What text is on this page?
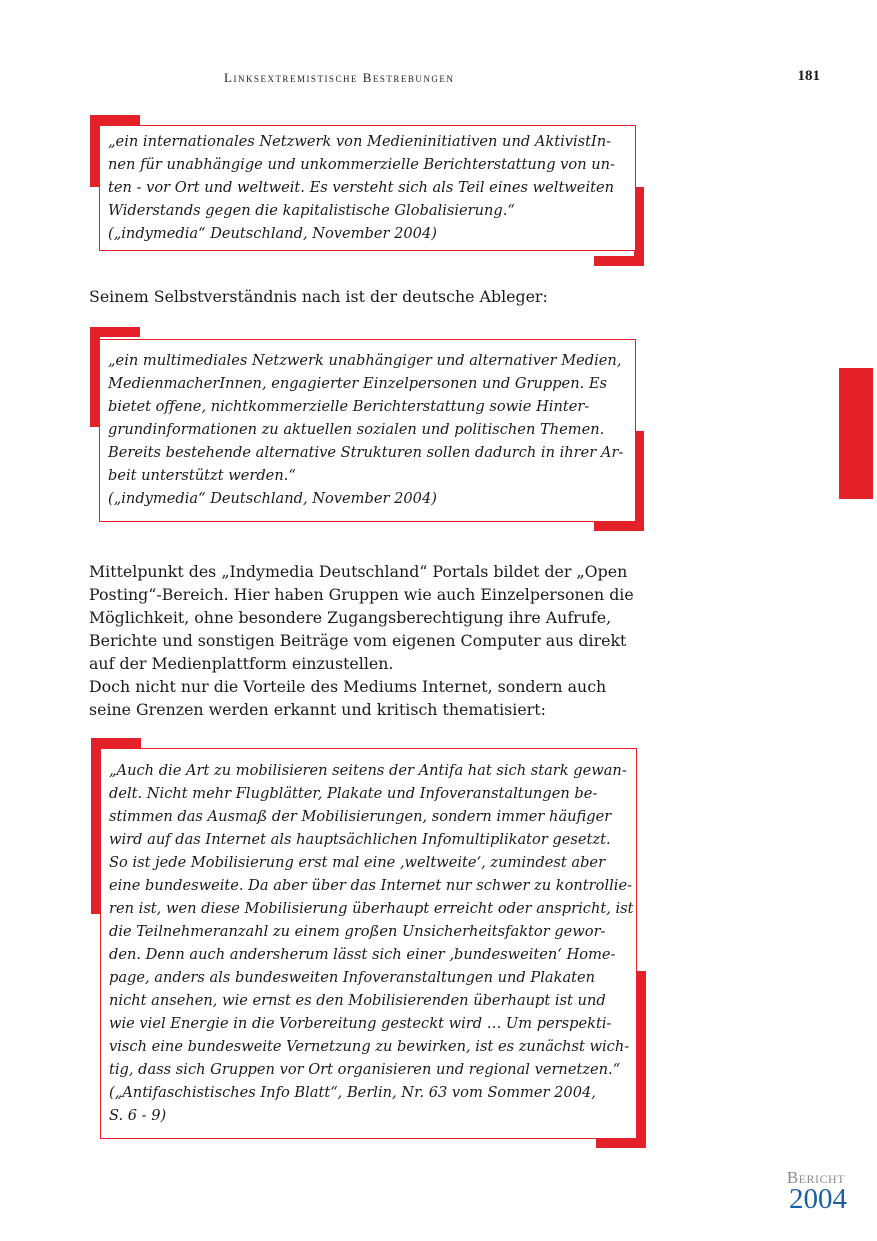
Linksextremistische Bestrebungen	181
„ein internationales Netzwerk von Medieninitiativen und AktivistIn-
nen für unabhängige und unkommerzielle Berichterstattung von un-
ten - vor Ort und weltweit. Es versteht sich als Teil eines weltweiten
Widerstands gegen die kapitalistische Globalisierung.“
(„indymedia“ Deutschland, November 2004)
Seinem Selbstverständnis nach ist der deutsche Ableger:
„ein multimediales Netzwerk unabhängiger und alternativer Medien,
MedienmacherInnen, engagierter Einzelpersonen und Gruppen. Es
bietet offene, nichtkommerzielle Berichterstattung sowie Hinter-
grundinformationen zu aktuellen sozialen und politischen Themen.
Bereits bestehende alternative Strukturen sollen dadurch in ihrer Ar-
beit unterstützt werden.“
(„indymedia“ Deutschland, November 2004)
Mittelpunkt des „Indymedia Deutschland“ Portals bildet der „Open
Posting“-Bereich. Hier haben Gruppen wie auch Einzelpersonen die
Möglichkeit, ohne besondere Zugangsberechtigung ihre Aufrufe,
Berichte und sonstigen Beiträge vom eigenen Computer aus direkt
auf der Medienplattform einzustellen.
Doch nicht nur die Vorteile des Mediums Internet, sondern auch
seine Grenzen werden erkannt und kritisch thematisiert:
„Auch die Art zu mobilisieren seitens der Antifa hat sich stark gewan-
delt. Nicht mehr Flugblätter, Plakate und Infoveranstaltungen be-
stimmen das Ausmaß der Mobilisierungen, sondern immer häufiger
wird auf das Internet als hauptsächlichen Infomultiplikator gesetzt.
So ist jede Mobilisierung erst mal eine ‚weltweite‘, zumindest aber
eine bundesweite. Da aber über das Internet nur schwer zu kontrollie-
ren ist, wen diese Mobilisierung überhaupt erreicht oder anspricht, ist
die Teilnehmeranzahl zu einem großen Unsicherheitsfaktor gewor-
den. Denn auch andersherum lässt sich einer ‚bundesweiten‘ Home-
page, anders als bundesweiten Infoveranstaltungen und Plakaten
nicht ansehen, wie ernst es den Mobilisierenden überhaupt ist und
wie viel Energie in die Vorbereitung gesteckt wird … Um perspekti-
visch eine bundesweite Vernetzung zu bewirken, ist es zunächst wich-
tig, dass sich Gruppen vor Ort organisieren und regional vernetzen.“
(„Antifaschistisches Info Blatt“, Berlin, Nr. 63 vom Sommer 2004,
S. 6 - 9)
Bericht
2004
